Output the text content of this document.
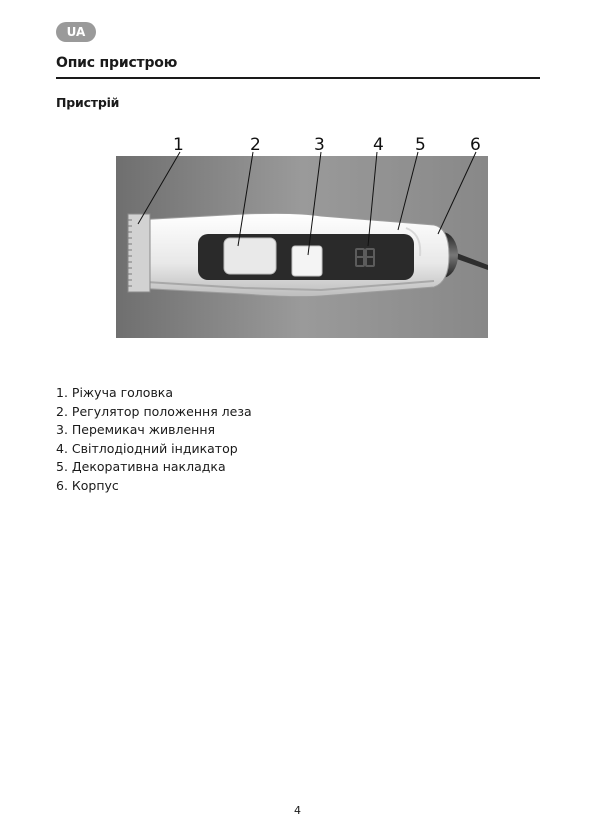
UA
Опис пристрою
Пристрій
1	2	3	4 5	6
1. Ріжуча головка
2. Регулятор положення леза
3. Перемикач живлення
4. Світлодіодний індикатор
5. Декоративна накладка
6. Корпус
4
